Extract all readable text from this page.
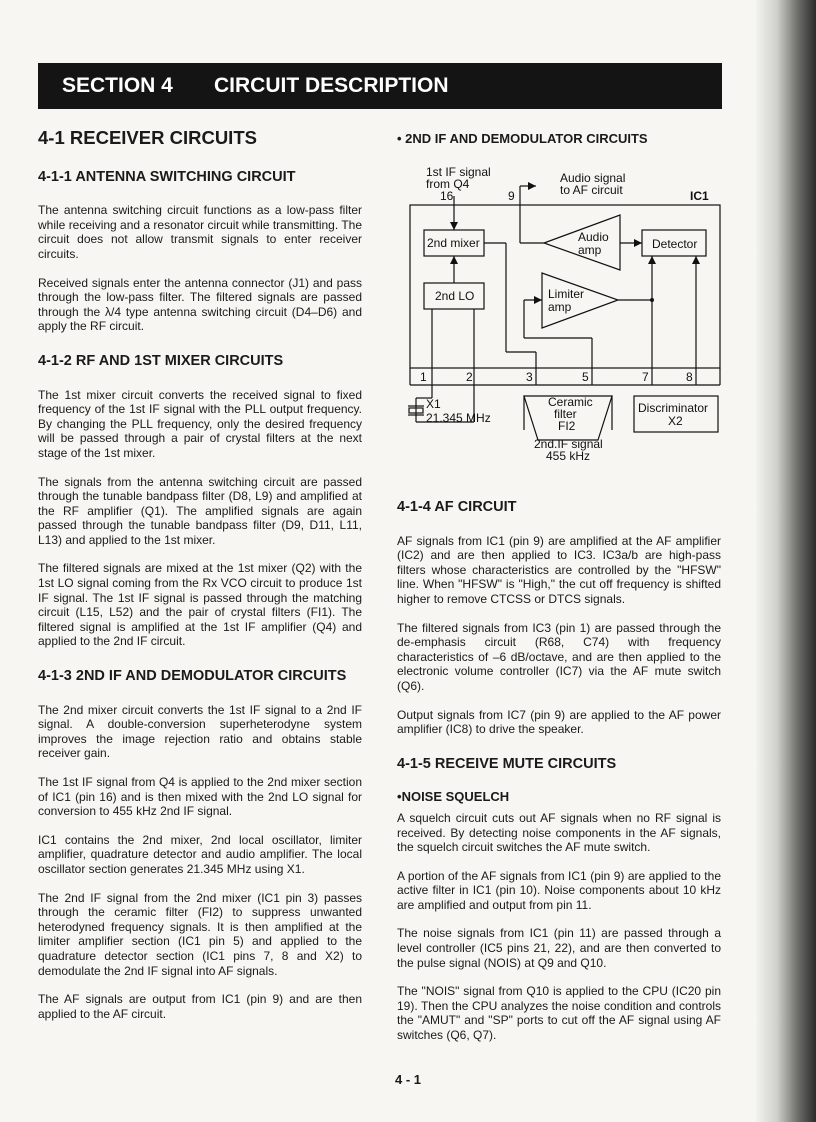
SECTION 4	CIRCUIT DESCRIPTION
4-1 RECEIVER CIRCUITS
4-1-1 ANTENNA SWITCHING CIRCUIT

The antenna switching circuit functions as a low-pass filter while receiving and a resonator circuit while transmitting. The circuit does not allow transmit signals to enter receiver circuits.

Received signals enter the antenna connector (J1) and pass through the low-pass filter. The filtered signals are passed through the λ/4 type antenna switching circuit (D4–D6) and apply the RF circuit.

4-1-2 RF AND 1ST MIXER CIRCUITS

The 1st mixer circuit converts the received signal to fixed frequency of the 1st IF signal with the PLL output frequency. By changing the PLL frequency, only the desired frequency will be passed through a pair of crystal filters at the next stage of the 1st mixer.

The signals from the antenna switching circuit are passed through the tunable bandpass filter (D8, L9) and amplified at the RF amplifier (Q1). The amplified signals are again passed through the tunable bandpass filter (D9, D11, L11, L13) and applied to the 1st mixer.

The filtered signals are mixed at the 1st mixer (Q2) with the 1st LO signal coming from the Rx VCO circuit to produce 1st IF signal. The 1st IF signal is passed through the matching circuit (L15, L52) and the pair of crystal filters (FI1). The filtered signal is amplified at the 1st IF amplifier (Q4) and applied to the 2nd IF circuit.

4-1-3 2ND IF AND DEMODULATOR CIRCUITS

The 2nd mixer circuit converts the 1st IF signal to a 2nd IF signal. A double-conversion superheterodyne system improves the image rejection ratio and obtains stable receiver gain.

The 1st IF signal from Q4 is applied to the 2nd mixer section of IC1 (pin 16) and is then mixed with the 2nd LO signal for conversion to 455 kHz 2nd IF signal.

IC1 contains the 2nd mixer, 2nd local oscillator, limiter amplifier, quadrature detector and audio amplifier. The local oscillator section generates 21.345 MHz using X1.

The 2nd IF signal from the 2nd mixer (IC1 pin 3) passes through the ceramic filter (FI2) to suppress unwanted heterodyned frequency signals. It is then amplified at the limiter amplifier section (IC1 pin 5) and applied to the quadrature detector section (IC1 pins 7, 8 and X2) to demodulate the 2nd IF signal into AF signals.

The AF signals are output from IC1 (pin 9) and are then applied to the AF circuit.

• 2ND IF AND DEMODULATOR CIRCUITS
1st IF signal
from Q4
16	9
Audio signal
to AF circuit	IC1
2nd mixer
2nd LO
Audio
amp
Limiter
amp
Detector
1	2	3	5	7	8
X1
21.345 MHz
Ceramic
filter
FI2
Discriminator
X2
2nd.IF signal
455 kHz
4-1-4 AF CIRCUIT

AF signals from IC1 (pin 9) are amplified at the AF amplifier (IC2) and are then applied to IC3. IC3a/b are high-pass filters whose characteristics are controlled by the "HFSW" line. When "HFSW" is "High," the cut off frequency is shifted higher to remove CTCSS or DTCS signals.

The filtered signals from IC3 (pin 1) are passed through the de-emphasis circuit (R68, C74) with frequency characteristics of –6 dB/octave, and are then applied to the electronic volume controller (IC7) via the AF mute switch (Q6).

Output signals from IC7 (pin 9) are applied to the AF power amplifier (IC8) to drive the speaker.

4-1-5 RECEIVE MUTE CIRCUITS
• NOISE SQUELCH

A squelch circuit cuts out AF signals when no RF signal is received. By detecting noise components in the AF signals, the squelch circuit switches the AF mute switch.

A portion of the AF signals from IC1 (pin 9) are applied to the active filter in IC1 (pin 10). Noise components about 10 kHz are amplified and output from pin 11.

The noise signals from IC1 (pin 11) are passed through a level controller (IC5 pins 21, 22), and are then converted to the pulse signal (NOIS) at Q9 and Q10.

The "NOIS" signal from Q10 is applied to the CPU (IC20 pin 19). Then the CPU analyzes the noise condition and controls the "AMUT" and "SP" ports to cut off the AF signal using AF switches (Q6, Q7).

4 - 1
